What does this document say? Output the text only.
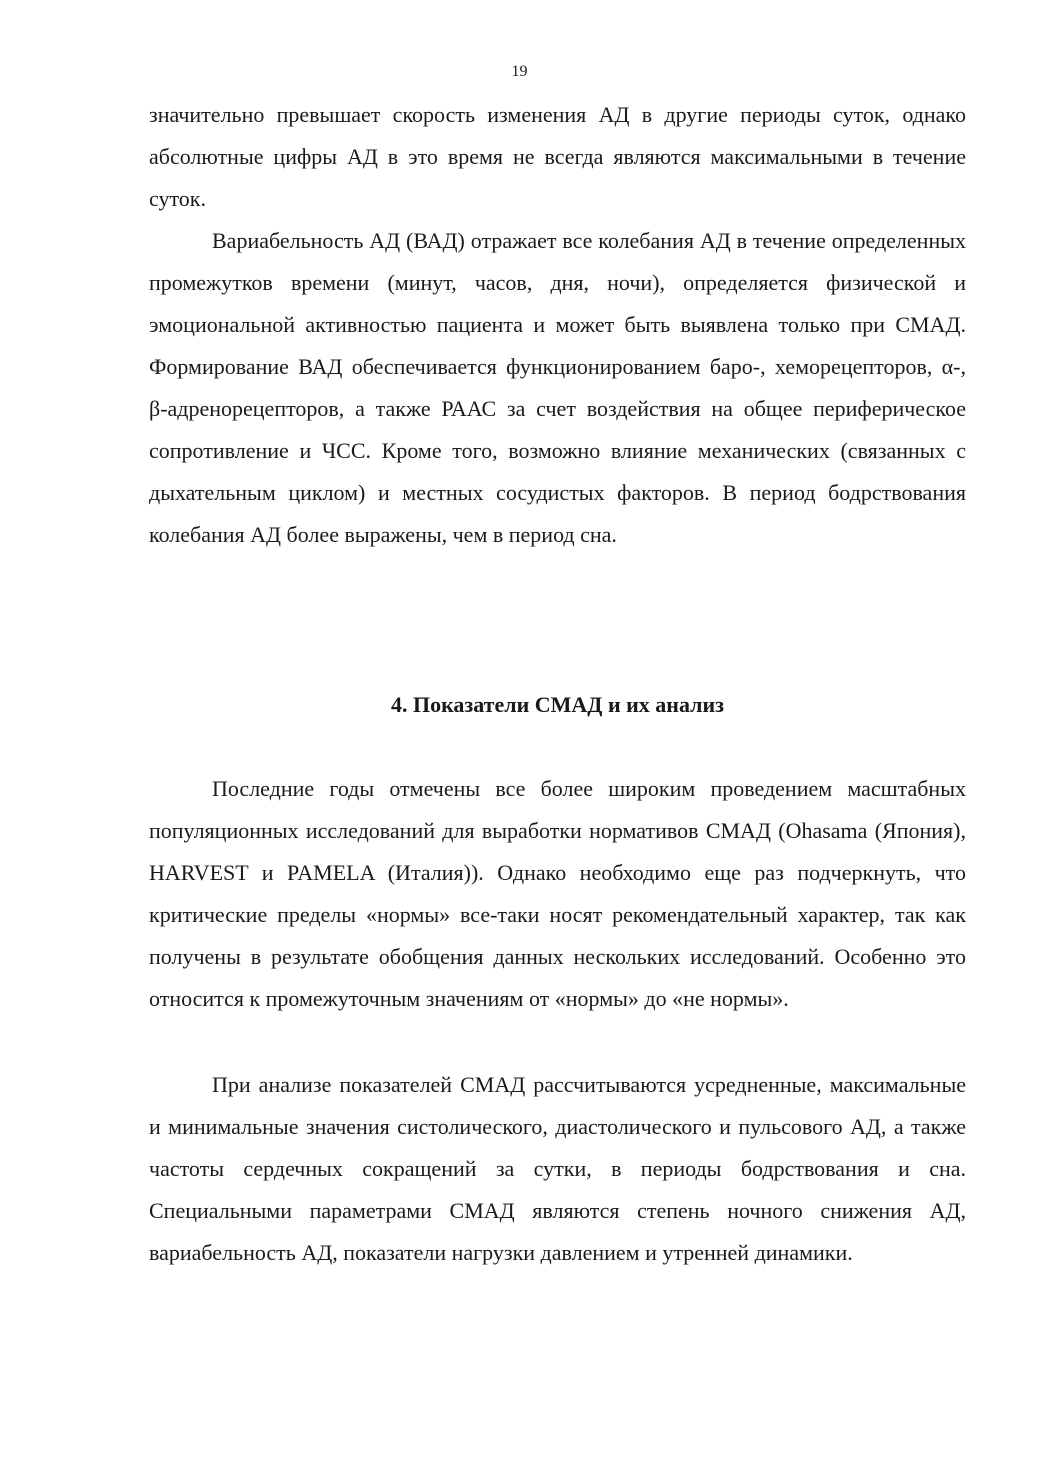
19

значительно превышает скорость изменения АД в другие периоды суток, однако абсолютные цифры АД в это время не всегда являются максимальными в течение суток.

Вариабельность АД (ВАД) отражает все колебания АД в течение определенных промежутков времени (минут, часов, дня, ночи), определяется физической и эмоциональной активностью пациента и может быть выявлена только при СМАД. Формирование ВАД обеспечивается функционированием баро-, хеморецепторов, α-, β-адренорецепторов, а также РААС за счет воздействия на общее периферическое сопротивление и ЧСС. Кроме того, возможно влияние механических (связанных с дыхательным циклом) и местных сосудистых факторов. В период бодрствования колебания АД более выражены, чем в период сна.

4. Показатели СМАД и их анализ

Последние годы отмечены все более широким проведением масштабных популяционных исследований для выработки нормативов СМАД (Ohasama (Япония), HARVEST и PAMELA (Италия)). Однако необходимо еще раз подчеркнуть, что критические пределы «нормы» все-таки носят рекомендательный характер, так как получены в результате обобщения данных нескольких исследований. Особенно это относится к промежуточным значениям от «нормы» до «не нормы».

При анализе показателей СМАД рассчитываются усредненные, максимальные и минимальные значения систолического, диастолического и пульсового АД, а также частоты сердечных сокращений за сутки, в периоды бодрствования и сна. Специальными параметрами СМАД являются степень ночного снижения АД, вариабельность АД, показатели нагрузки давлением и утренней динамики.
